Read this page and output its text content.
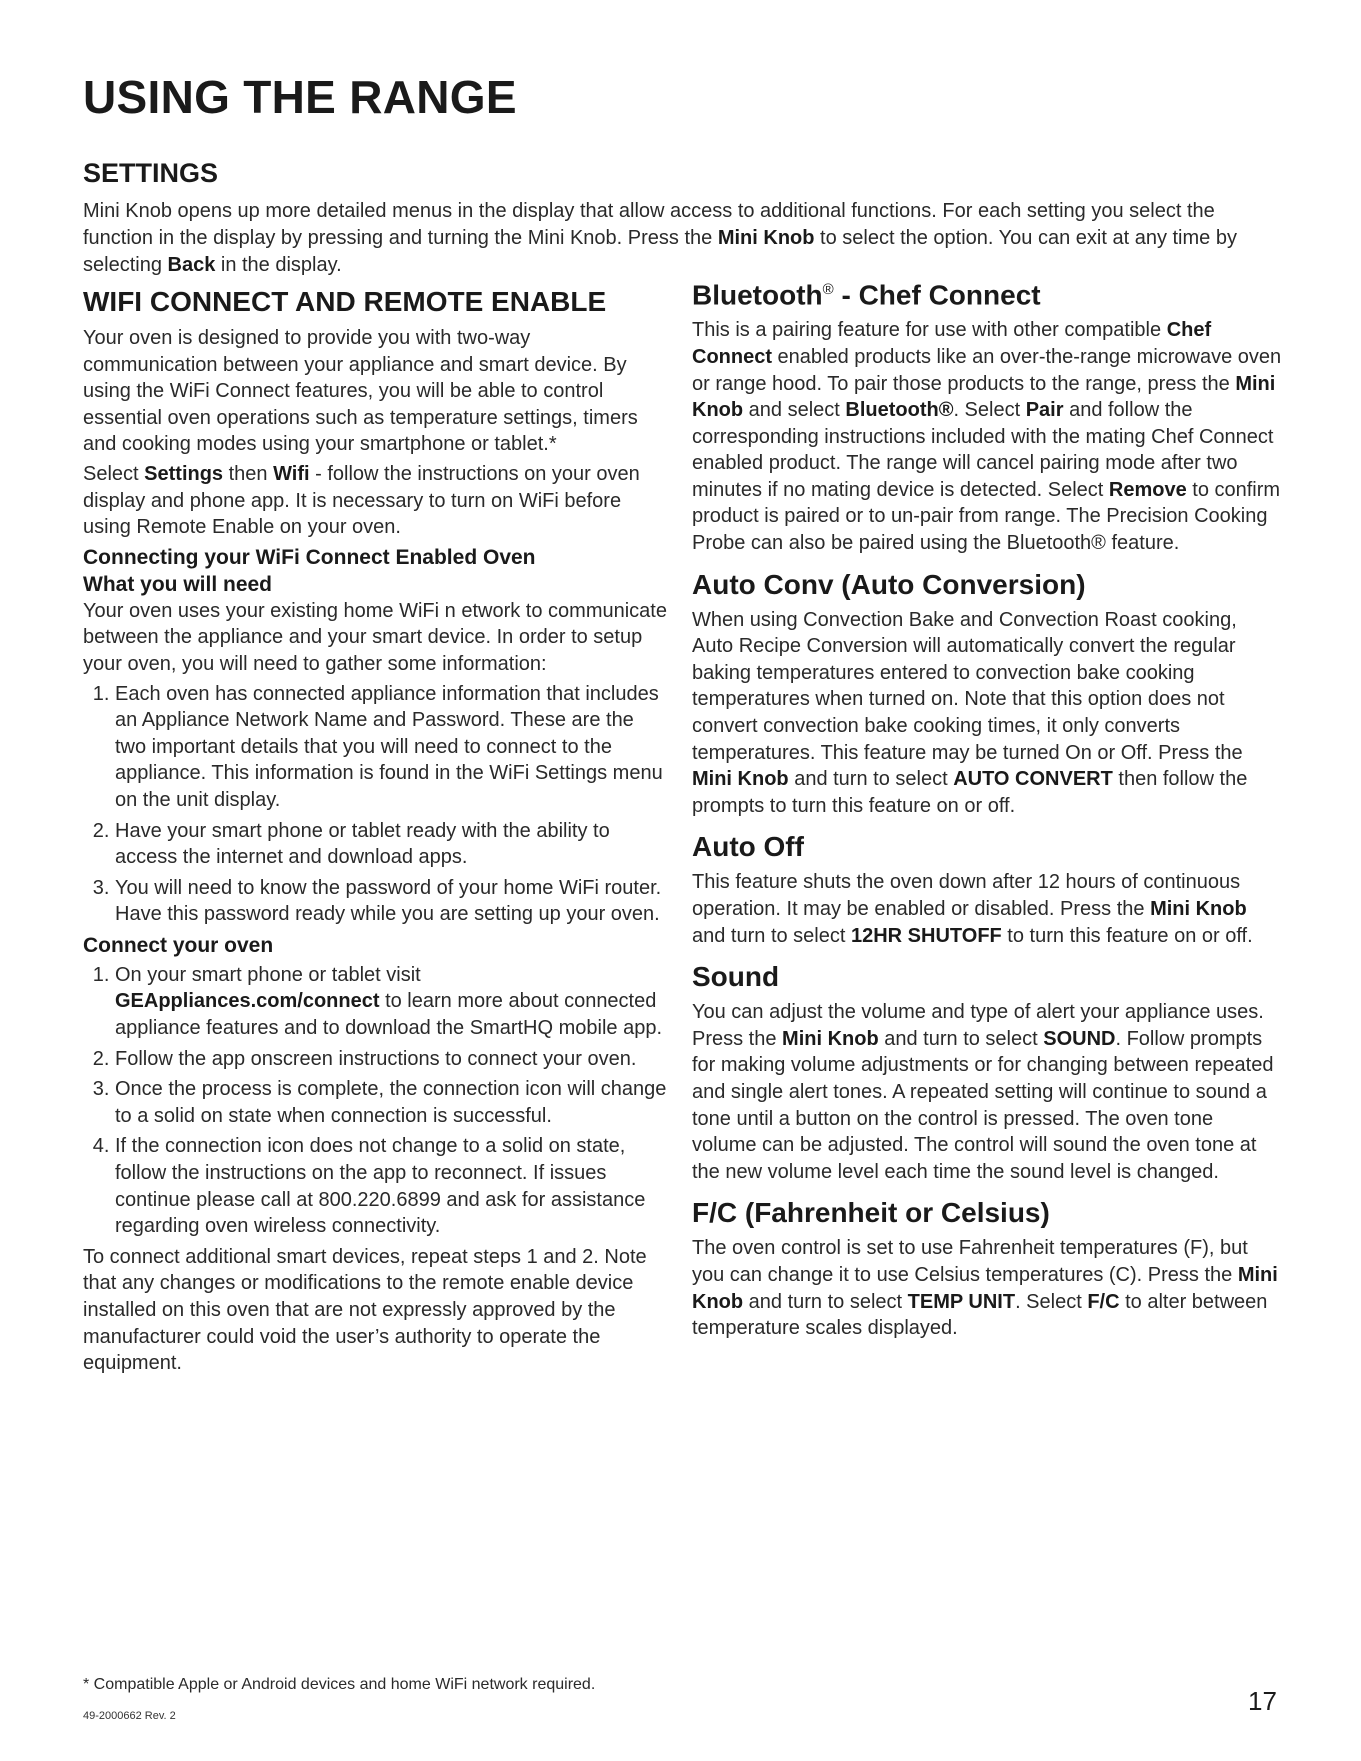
USING THE RANGE
SETTINGS

Mini Knob opens up more detailed menus in the display that allow access to additional functions. For each setting you select the function in the display by pressing and turning the Mini Knob. Press the Mini Knob to select the option. You can exit at any time by selecting Back in the display.

WIFI CONNECT AND REMOTE ENABLE

Your oven is designed to provide you with two-way communication between your appliance and smart device. By using the WiFi Connect features, you will be able to control essential oven operations such as temperature settings, timers and cooking modes using your smartphone or tablet.*

Select Settings then Wifi - follow the instructions on your oven display and phone app. It is necessary to turn on WiFi before using Remote Enable on your oven.

Connecting your WiFi Connect Enabled Oven
What you will need

Your oven uses your existing home WiFi n etwork to communicate between the appliance and your smart device. In order to setup your oven, you will need to gather some information:

1. Each oven has connected appliance information that includes an Appliance Network Name and Password. These are the two important details that you will need to connect to the appliance. This information is found in the WiFi Settings menu on the unit display.
2. Have your smart phone or tablet ready with the ability to access the internet and download apps.
3. You will need to know the password of your home WiFi router. Have this password ready while you are setting up your oven.
Connect your oven
1. On your smart phone or tablet visit GEAppliances.com/connect to learn more about connected appliance features and to download the SmartHQ mobile app.
2. Follow the app onscreen instructions to connect your oven.
3. Once the process is complete, the connection icon will change to a solid on state when connection is successful.
4. If the connection icon does not change to a solid on state, follow the instructions on the app to reconnect. If issues continue please call at 800.220.6899 and ask for assistance regarding oven wireless connectivity.

To connect additional smart devices, repeat steps 1 and 2. Note that any changes or modifications to the remote enable device installed on this oven that are not expressly approved by the manufacturer could void the user’s authority to operate the equipment.

Bluetooth® - Chef Connect

This is a pairing feature for use with other compatible Chef Connect enabled products like an over-the-range microwave oven or range hood. To pair those products to the range, press the Mini Knob and select Bluetooth®. Select Pair and follow the corresponding instructions included with the mating Chef Connect enabled product. The range will cancel pairing mode after two minutes if no mating device is detected. Select Remove to confirm product is paired or to un-pair from range. The Precision Cooking Probe can also be paired using the Bluetooth® feature.

Auto Conv (Auto Conversion)

When using Convection Bake and Convection Roast cooking, Auto Recipe Conversion will automatically convert the regular baking temperatures entered to convection bake cooking temperatures when turned on. Note that this option does not convert convection bake cooking times, it only converts temperatures. This feature may be turned On or Off. Press the Mini Knob and turn to select AUTO CONVERT then follow the prompts to turn this feature on or off.

Auto Off

This feature shuts the oven down after 12 hours of continuous operation. It may be enabled or disabled. Press the Mini Knob and turn to select 12HR SHUTOFF to turn this feature on or off.

Sound

You can adjust the volume and type of alert your appliance uses. Press the Mini Knob and turn to select SOUND. Follow prompts for making volume adjustments or for changing between repeated and single alert tones. A repeated setting will continue to sound a tone until a button on the control is pressed. The oven tone volume can be adjusted. The control will sound the oven tone at the new volume level each time the sound level is changed.

F/C (Fahrenheit or Celsius)

The oven control is set to use Fahrenheit temperatures (F), but you can change it to use Celsius temperatures (C). Press the Mini Knob and turn to select TEMP UNIT. Select F/C to alter between temperature scales displayed.

* Compatible Apple or Android devices and home WiFi network required.

49-2000662 Rev. 2	17
